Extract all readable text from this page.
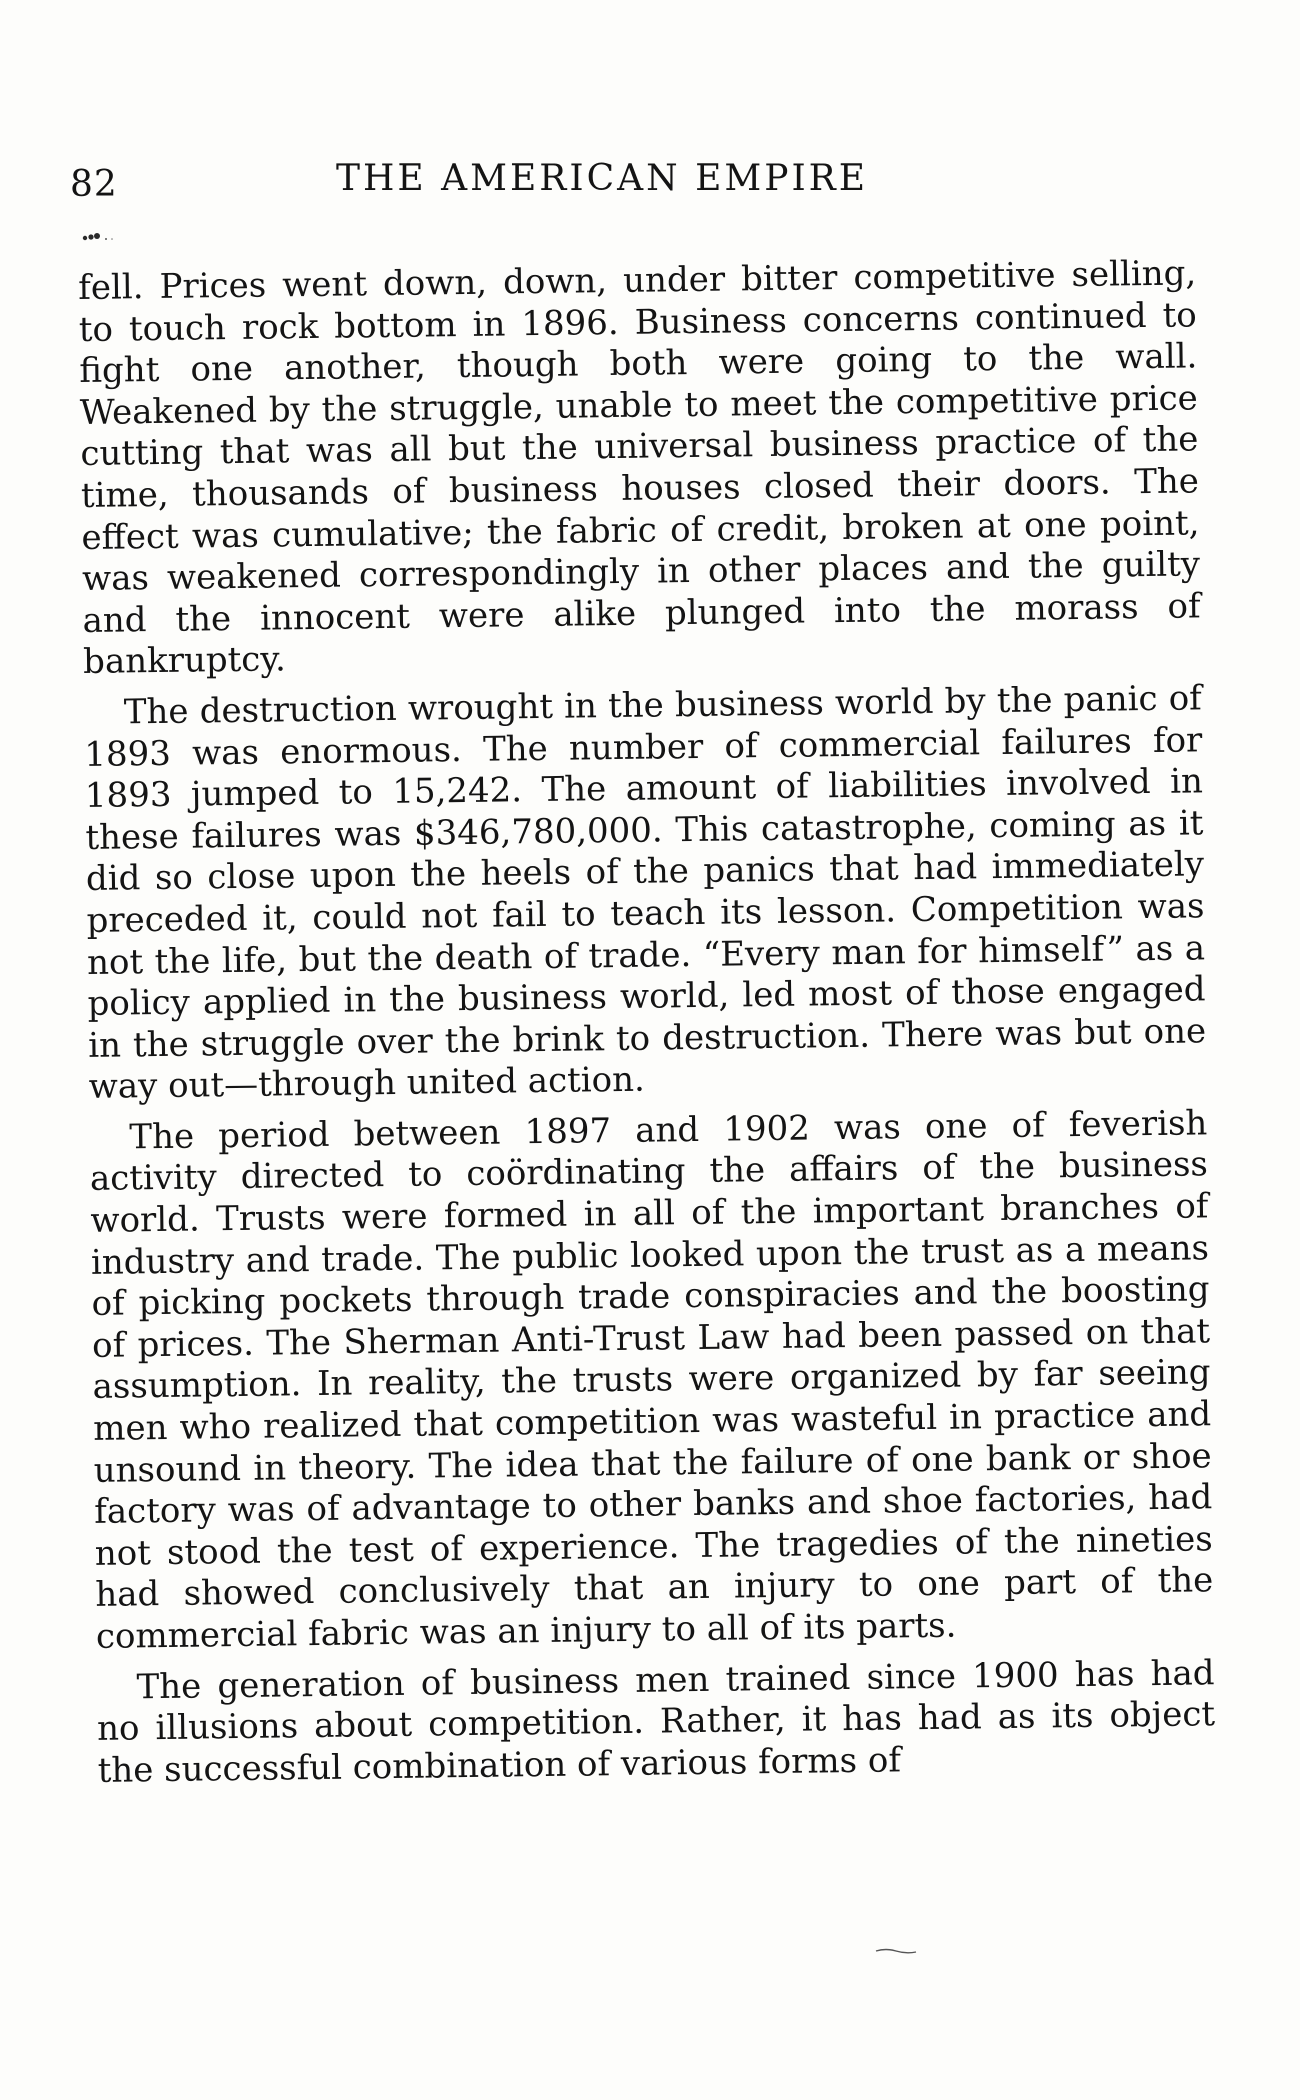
82	THE AMERICAN EMPIRE

fell. Prices went down, down, under bitter competitive selling, to touch rock bottom in 1896. Business concerns continued to fight one another, though both were going to the wall. Weakened by the struggle, unable to meet the competitive price cutting that was all but the universal business practice of the time, thousands of business houses closed their doors. The effect was cumulative; the fabric of credit, broken at one point, was weakened correspondingly in other places and the guilty and the innocent were alike plunged into the morass of bankruptcy.

The destruction wrought in the business world by the panic of 1893 was enormous. The number of commercial failures for 1893 jumped to 15,242. The amount of liabilities involved in these failures was $346,780,000. This catastrophe, coming as it did so close upon the heels of the panics that had immediately preceded it, could not fail to teach its lesson. Competition was not the life, but the death of trade. “Every man for himself” as a policy applied in the business world, led most of those engaged in the struggle over the brink to destruction. There was but one way out—through united action.

The period between 1897 and 1902 was one of feverish activity directed to coördinating the affairs of the business world. Trusts were formed in all of the important branches of industry and trade. The public looked upon the trust as a means of picking pockets through trade conspiracies and the boosting of prices. The Sherman Anti-Trust Law had been passed on that assumption. In reality, the trusts were organized by far seeing men who realized that competition was wasteful in practice and unsound in theory. The idea that the failure of one bank or shoe factory was of advantage to other banks and shoe factories, had not stood the test of experience. The tragedies of the nineties had showed conclusively that an injury to one part of the commercial fabric was an injury to all of its parts.

The generation of business men trained since 1900 has had no illusions about competition. Rather, it has had as its object the successful combination of various forms of
